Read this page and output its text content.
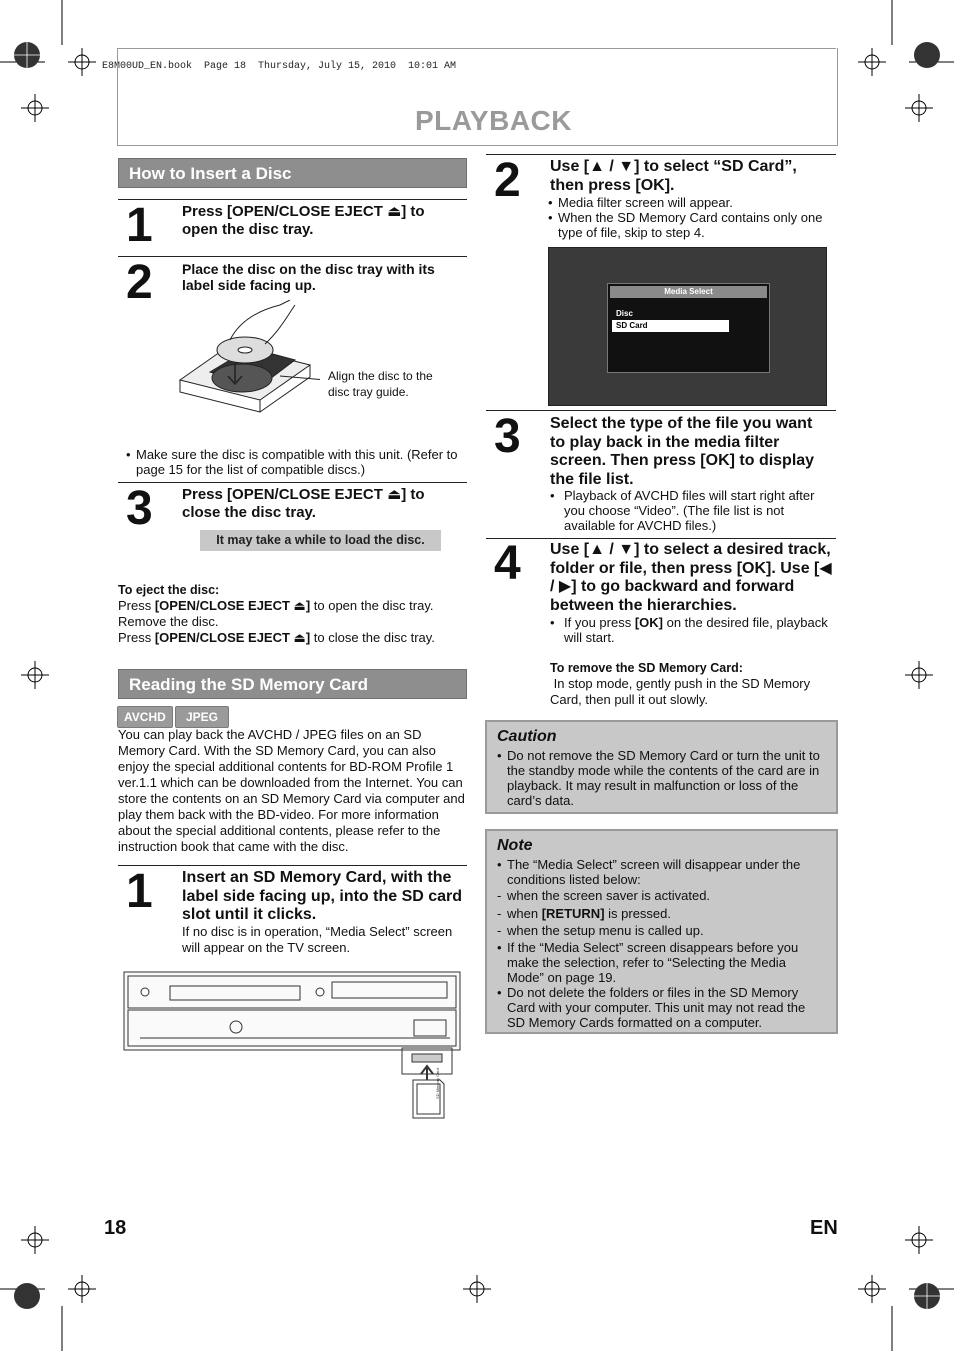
E8M00UD_EN.book  Page 18  Thursday, July 15, 2010  10:01 AM
PLAYBACK
How to Insert a Disc
1 Press [OPEN/CLOSE EJECT ⏏] to open the disc tray.
2 Place the disc on the disc tray with its label side facing up.
Align the disc to the disc tray guide.
• Make sure the disc is compatible with this unit. (Refer to page 15 for the list of compatible discs.)
3 Press [OPEN/CLOSE EJECT ⏏] to close the disc tray.
It may take a while to load the disc.
To eject the disc:
Press [OPEN/CLOSE EJECT ⏏] to open the disc tray.
Remove the disc.
Press [OPEN/CLOSE EJECT ⏏] to close the disc tray.
Reading the SD Memory Card
AVCHD	JPEG
You can play back the AVCHD / JPEG files on an SD Memory Card. With the SD Memory Card, you can also enjoy the special additional contents for BD-ROM Profile 1 ver.1.1 which can be downloaded from the Internet. You can store the contents on an SD Memory Card via computer and play them back with the BD-video. For more information about the special additional contents, please refer to the instruction book that came with the disc.
1 Insert an SD Memory Card, with the label side facing up, into the SD card slot until it clicks.
If no disc is in operation, “Media Select” screen will appear on the TV screen.
SD Memory Card
2 Use [▲ / ▼] to select “SD Card”, then press [OK].
• Media filter screen will appear.
• When the SD Memory Card contains only one type of file, skip to step 4.
Media Select
Disc
SD Card
3 Select the type of the file you want to play back in the media filter screen. Then press [OK] to display the file list.
• Playback of AVCHD files will start right after you choose “Video”. (The file list is not available for AVCHD files.)
4 Use [▲ / ▼] to select a desired track, folder or file, then press [OK]. Use [◀ / ▶] to go backward and forward between the hierarchies.
• If you press [OK] on the desired file, playback will start.
To remove the SD Memory Card:
In stop mode, gently push in the SD Memory Card, then pull it out slowly.
Caution
• Do not remove the SD Memory Card or turn the unit to the standby mode while the contents of the card are in playback. It may result in malfunction or loss of the card’s data.
Note
• The “Media Select” screen will disappear under the conditions listed below:
- when the screen saver is activated.
- when [RETURN] is pressed.
- when the setup menu is called up.
• If the “Media Select” screen disappears before you make the selection, refer to “Selecting the Media Mode” on page 19.
• Do not delete the folders or files in the SD Memory Card with your computer. This unit may not read the SD Memory Cards formatted on a computer.
18	EN
